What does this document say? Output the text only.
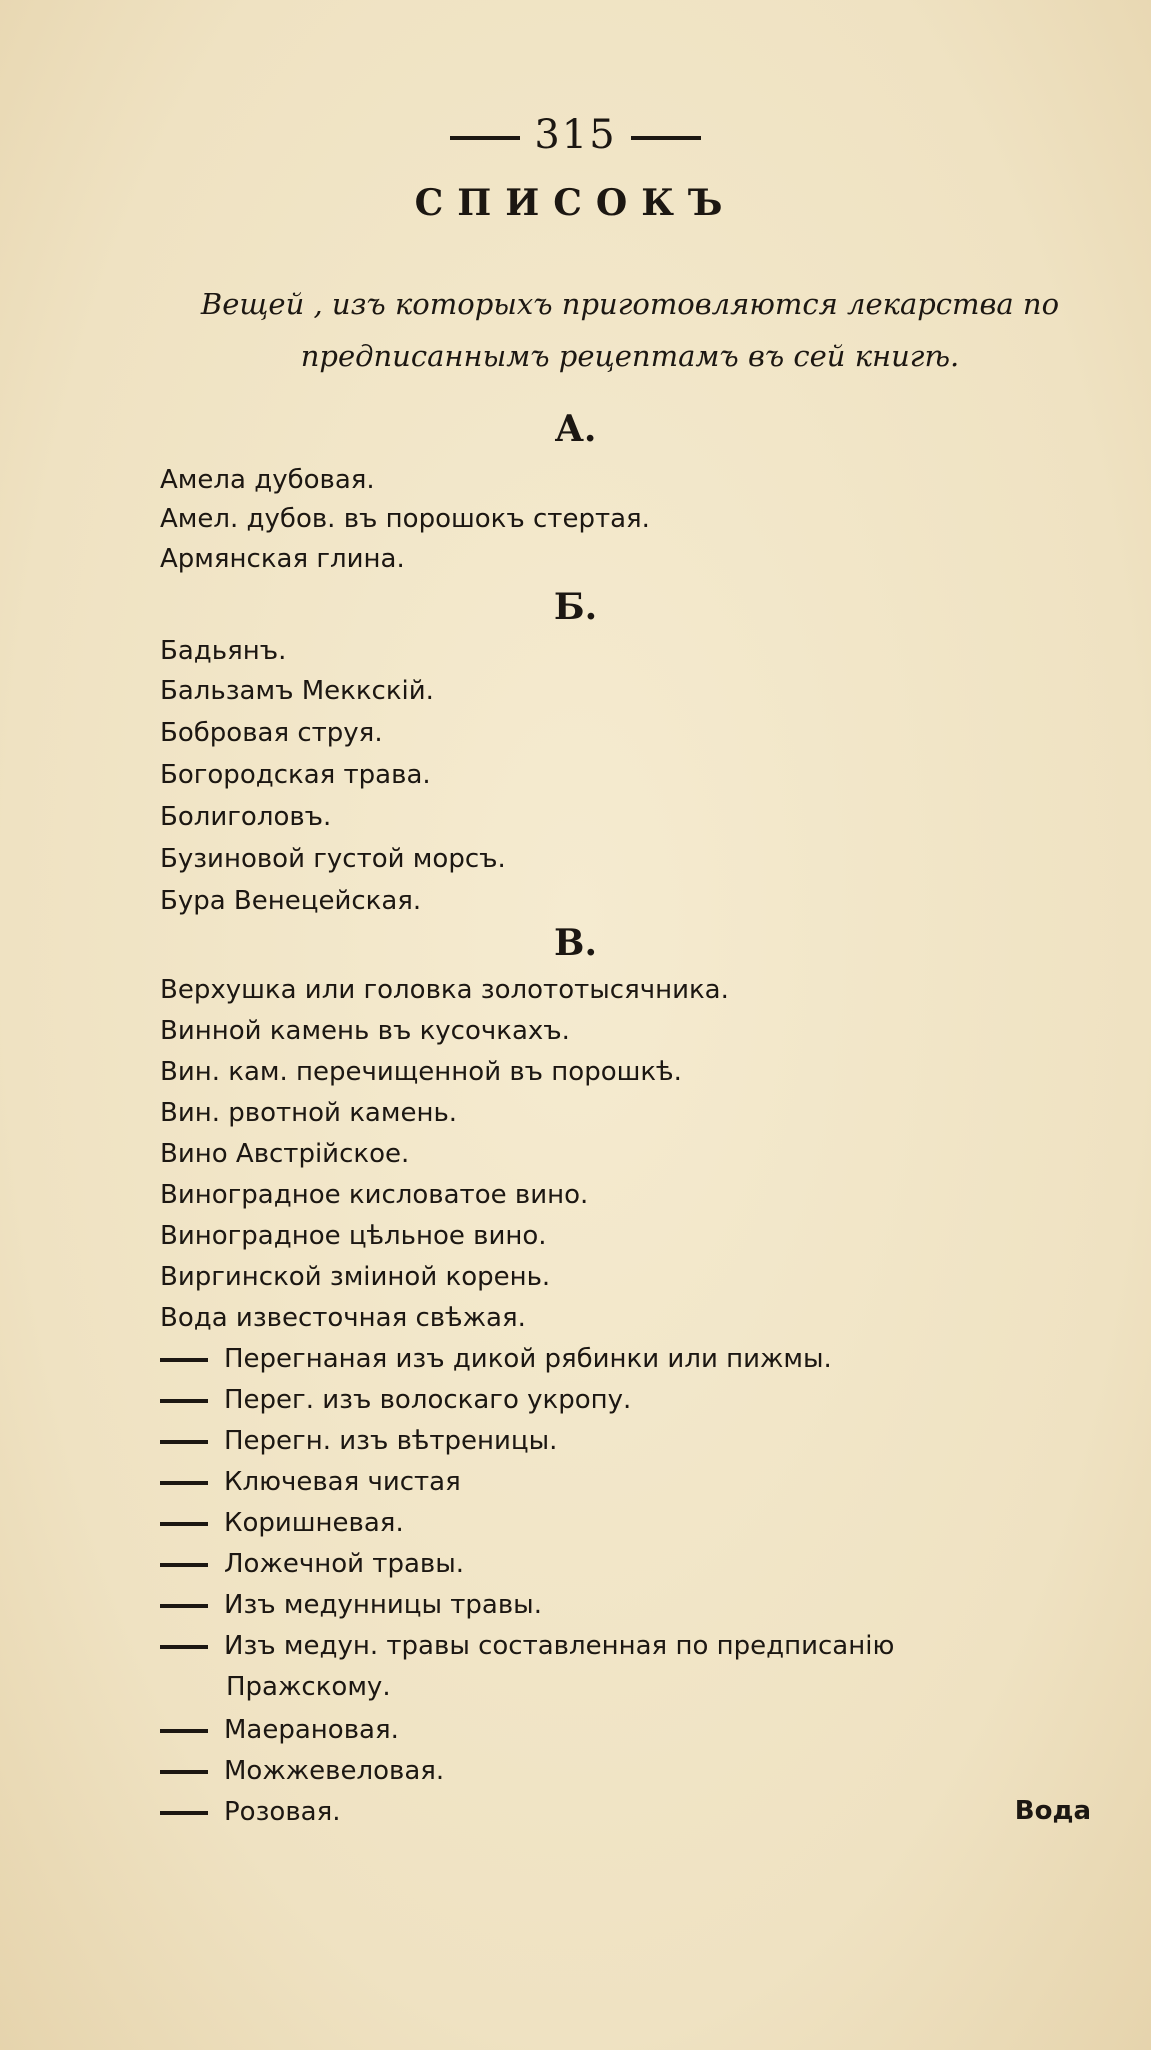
315
СПИСОКЪ
Вещей , изъ которыхъ приготовляются лекарства по
предписаннымъ рецептамъ въ сей книгѣ.
А.
Амела дубовая.
Амел. дубов. въ порошокъ стертая.
Армянская глина.
Б.
Бадьянъ.
Бальзамъ Меккскій.
Бобровая струя.
Богородская трава.
Болиголовъ.
Бузиновой густой морсъ.
Бура Венецейская.
В.
Верхушка или головка золототысячника.
Винной камень въ кусочкахъ.
Вин. кам. перечищенной въ порошкѣ.
Вин. рвотной камень.
Вино Австрійское.
Виноградное кисловатое вино.
Виноградное цѣльное вино.
Виргинской зміиной корень.
Вода известочная свѣжая.
Перегнаная изъ дикой рябинки или пижмы.
Перег. изъ волоскаго укропу.
Перегн. изъ вѣтреницы.
Ключевая чистая
Коришневая.
Ложечной травы.
Изъ медунницы травы.
Изъ медун. травы составленная по предписанію
Пражскому.
Маерановая.
Можжевеловая.
Розовая.	Вода
